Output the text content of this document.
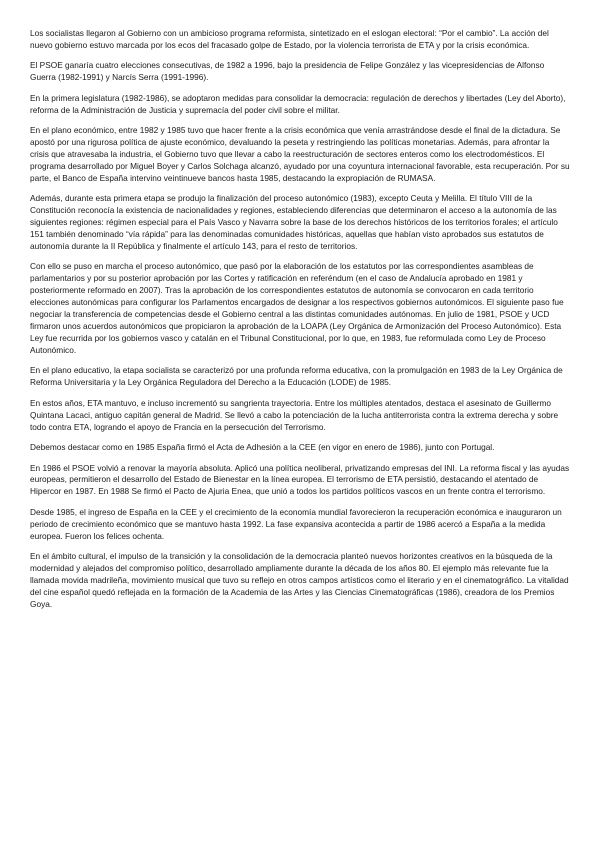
Los socialistas llegaron al Gobierno con un ambicioso programa reformista, sintetizado en el eslogan electoral: “Por el cambio”. La acción del nuevo gobierno estuvo marcada por los ecos del fracasado golpe de Estado, por la violencia terrorista de ETA y por la crisis económica.

El PSOE ganaría cuatro elecciones consecutivas, de 1982 a 1996, bajo la presidencia de Felipe González y las vicepresidencias de Alfonso Guerra (1982-1991) y Narcís Serra (1991-1996).

En la primera legislatura (1982-1986), se adoptaron medidas para consolidar la democracia: regulación de derechos y libertades (Ley del Aborto), reforma de la Administración de Justicia y supremacía del poder civil sobre el militar.

En el plano económico, entre 1982 y 1985 tuvo que hacer frente a la crisis económica que venía arrastrándose desde el final de la dictadura. Se apostó por una rigurosa política de ajuste económico, devaluando la peseta y restringiendo las políticas monetarias. Además, para afrontar la crisis que atravesaba la industria, el Gobierno tuvo que llevar a cabo la reestructuración de sectores enteros como los electrodomésticos. El programa desarrollado por Miguel Boyer y Carlos Solchaga alcanzó, ayudado por una coyuntura internacional favorable, esta recuperación. Por su parte, el Banco de España intervino veintinueve bancos hasta 1985, destacando la expropiación de RUMASA.

Además, durante esta primera etapa se produjo la finalización del proceso autonómico (1983), excepto Ceuta y Melilla. El título VIII de la Constitución reconocía la existencia de nacionalidades y regiones, estableciendo diferencias que determinaron el acceso a la autonomía de las siguientes regiones: régimen especial para el País Vasco y Navarra sobre la base de los derechos históricos de los territorios forales; el artículo 151 también denominado “vía rápida” para las denominadas comunidades históricas, aquellas que habían visto aprobados sus estatutos de autonomía durante la II República y finalmente el artículo 143, para el resto de territorios.

Con ello se puso en marcha el proceso autonómico, que pasó por la elaboración de los estatutos por las correspondientes asambleas de parlamentarios y por su posterior aprobación por las Cortes y ratificación en referéndum (en el caso de Andalucía aprobado en 1981 y posteriormente reformado en 2007). Tras la aprobación de los correspondientes estatutos de autonomía se convocaron en cada territorio elecciones autonómicas para configurar los Parlamentos encargados de designar a los respectivos gobiernos autonómicos. El siguiente paso fue negociar la transferencia de competencias desde el Gobierno central a las distintas comunidades autónomas. En julio de 1981, PSOE y UCD firmaron unos acuerdos autonómicos que propiciaron la aprobación de la LOAPA (Ley Orgánica de Armonización del Proceso Autonómico). Esta Ley fue recurrida por los gobiernos vasco y catalán en el Tribunal Constitucional, por lo que, en 1983, fue reformulada como Ley de Proceso Autonómico.

En el plano educativo, la etapa socialista se caracterizó por una profunda reforma educativa, con la promulgación en 1983 de la Ley Orgánica de Reforma Universitaria y la Ley Orgánica Reguladora del Derecho a la Educación (LODE) de 1985.

En estos años, ETA mantuvo, e incluso incrementó su sangrienta trayectoria. Entre los múltiples atentados, destaca el asesinato de Guillermo Quintana Lacaci, antiguo capitán general de Madrid. Se llevó a cabo la potenciación de la lucha antiterrorista contra la extrema derecha y sobre todo contra ETA, logrando el apoyo de Francia en la persecución del Terrorismo.

Debemos destacar como en 1985 España firmó el Acta de Adhesión a la CEE (en vigor en enero de 1986), junto con Portugal.

En 1986 el PSOE volvió a renovar la mayoría absoluta. Aplicó una política neoliberal, privatizando empresas del INI. La reforma fiscal y las ayudas europeas, permitieron el desarrollo del Estado de Bienestar en la línea europea. El terrorismo de ETA persistió, destacando el atentado de Hipercor en 1987. En 1988 Se firmó el Pacto de Ajuria Enea, que unió a todos los partidos políticos vascos en un frente contra el terrorismo.

Desde 1985, el ingreso de España en la CEE y el crecimiento de la economía mundial favorecieron la recuperación económica e inauguraron un periodo de crecimiento económico que se mantuvo hasta 1992. La fase expansiva acontecida a partir de 1986 acercó a España a la medida europea. Fueron los felices ochenta.

En el ámbito cultural, el impulso de la transición y la consolidación de la democracia planteó nuevos horizontes creativos en la búsqueda de la modernidad y alejados del compromiso político, desarrollado ampliamente durante la década de los años 80. El ejemplo más relevante fue la llamada movida madrileña, movimiento musical que tuvo su reflejo en otros campos artísticos como el literario y en el cinematográfico. La vitalidad del cine español quedó reflejada en la formación de la Academia de las Artes y las Ciencias Cinematográficas (1986), creadora de los Premios Goya.
